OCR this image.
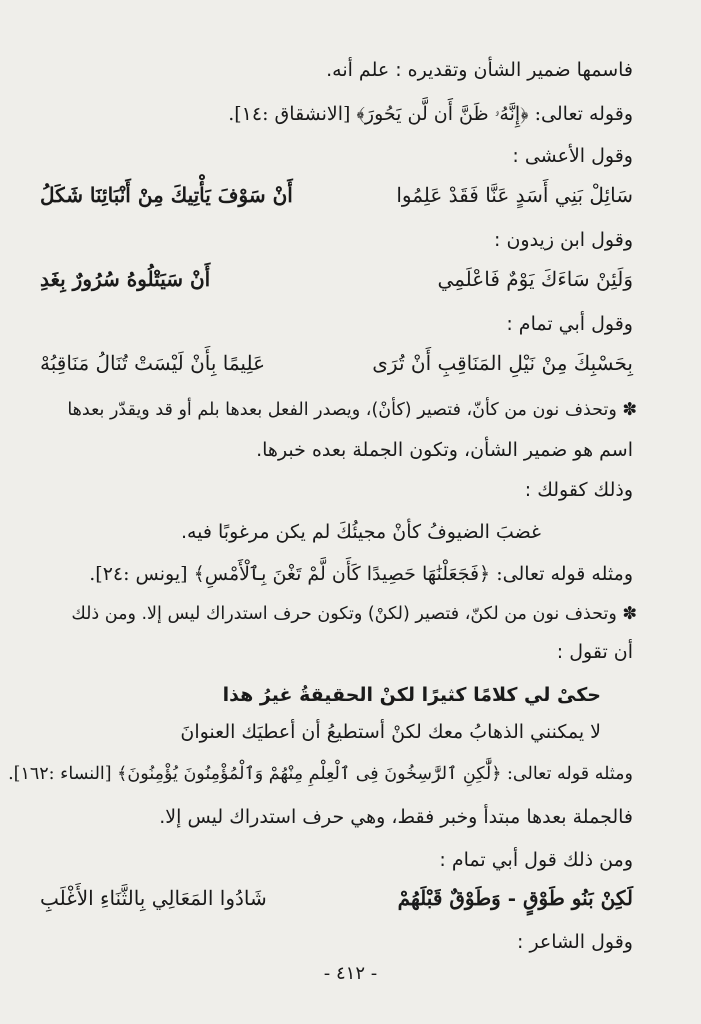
فاسمها ضمير الشأن وتقديره : علم أنه.
وقوله تعالى: ﴿إِنَّهُۥ ظَنَّ أَن لَّن يَحُورَ﴾ [الانشقاق :١٤].
وقول الأعشى :
سَائِلْ بَنِي أَسَدٍ عَنَّا فَقَدْ عَلِمُوا
أَنْ سَوْفَ يَأْتِيكَ مِنْ أَنْبَائِنَا شَكَلُ
وقول ابن زيدون :
وَلَئِنْ سَاءَكَ يَوْمٌ فَاعْلَمِي
أَنْ سَيَتْلُوهُ سُرُورٌ بِغَدِ
وقول أبي تمام :
بِحَسْبِكَ مِنْ نَيْلِ المَنَاقِبِ أَنْ تُرَى
عَلِيمًا بِأَنْ لَيْسَتْ تُنَالُ مَنَاقِبُهْ
✽ وتحذف نون من كأنّ، فتصير (كأنْ)، ويصدر الفعل بعدها بلم أو قد ويقدّر بعدها
اسم هو ضمير الشأن، وتكون الجملة بعده خبرها.
وذلك كقولك :
غضبَ الضيوفُ كأنْ مجيئُكَ لم يكن مرغوبًا فيه.
ومثله قوله تعالى: ﴿فَجَعَلْنَٰهَا حَصِيدًا كَأَن لَّمْ تَغْنَ بِٱلْأَمْسِ﴾ [يونس :٢٤].
✽ وتحذف نون من لكنّ، فتصير (لكنْ) وتكون حرف استدراك ليس إلا. ومن ذلك
أن تقول :
حكىْ لي كلامًا كثيرًا لكنْ الحقيقةُ غيرُ هذا
لا يمكنني الذهابُ معك لكنْ أستطيعُ أن أعطيَك العنوانَ
ومثله قوله تعالى: ﴿لَّٰكِنِ ٱلرَّٰسِخُونَ فِى ٱلْعِلْمِ مِنْهُمْ وَٱلْمُؤْمِنُونَ يُؤْمِنُونَ﴾ [النساء :١٦٢].
فالجملة بعدها مبتدأ وخبر فقط، وهي حرف استدراك ليس إلا.
ومن ذلك قول أبي تمام :
لَكِنْ بَنُو طَوْقٍ - وَطَوْقٌ قَبْلَهُمْ
شَادُوا المَعَالِي بِالثَّنَاءِ الأَغْلَبِ
وقول الشاعر :
- ٤١٢ -
